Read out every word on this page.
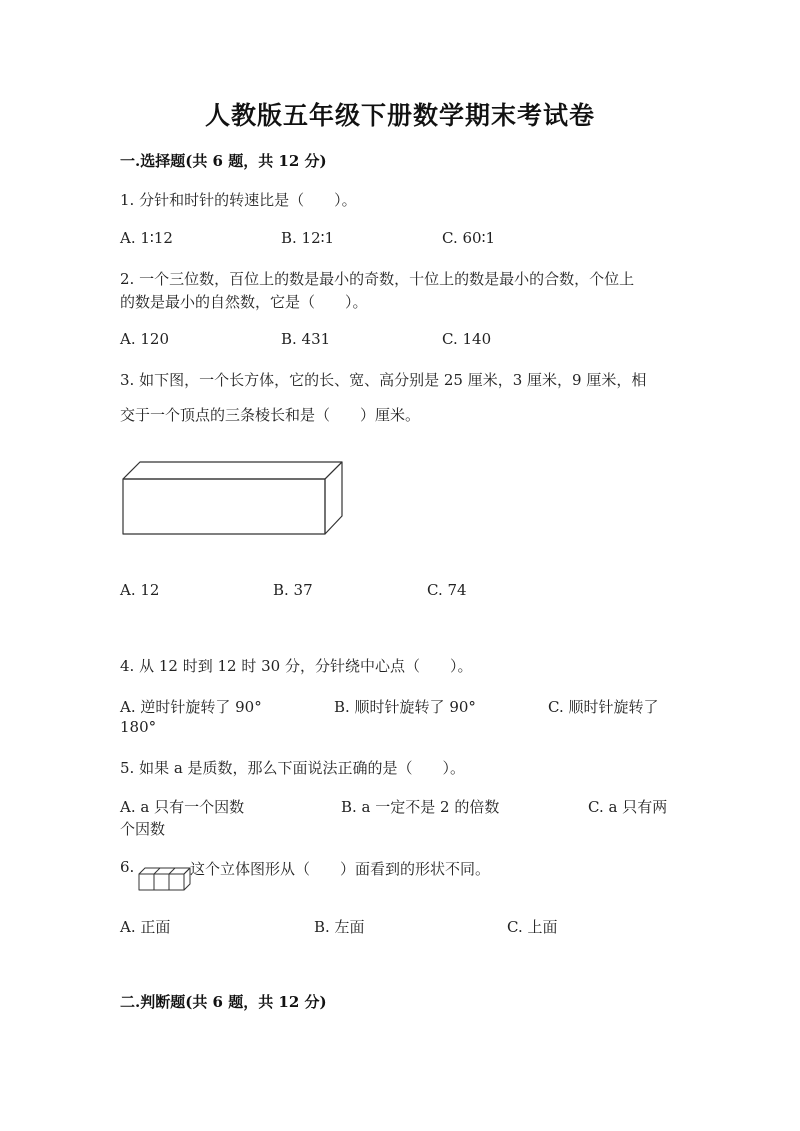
人教版五年级下册数学期末考试卷
一.选择题(共 6 题，共 12 分)
1. 分针和时针的转速比是（　　）。
A. 1∶12	B. 12∶1	C. 60∶1
2. 一个三位数，百位上的数是最小的奇数，十位上的数是最小的合数，个位上
的数是最小的自然数，它是（　　）。
A. 120	B. 431	C. 140
3. 如下图，一个长方体，它的长、宽、高分别是 25 厘米，3 厘米，9 厘米，相
交于一个顶点的三条棱长和是（　　）厘米。
A. 12	B. 37	C. 74
4. 从 12 时到 12 时 30 分，分针绕中心点（　　）。
A. 逆时针旋转了 90°	B. 顺时针旋转了 90°	C. 顺时针旋转了
180°
5. 如果 a 是质数，那么下面说法正确的是（　　）。
A. a 只有一个因数	B. a 一定不是 2 的倍数	C. a 只有两
个因数
6.	这个立体图形从（　　）面看到的形状不同。
A. 正面	B. 左面	C. 上面
二.判断题(共 6 题，共 12 分)
